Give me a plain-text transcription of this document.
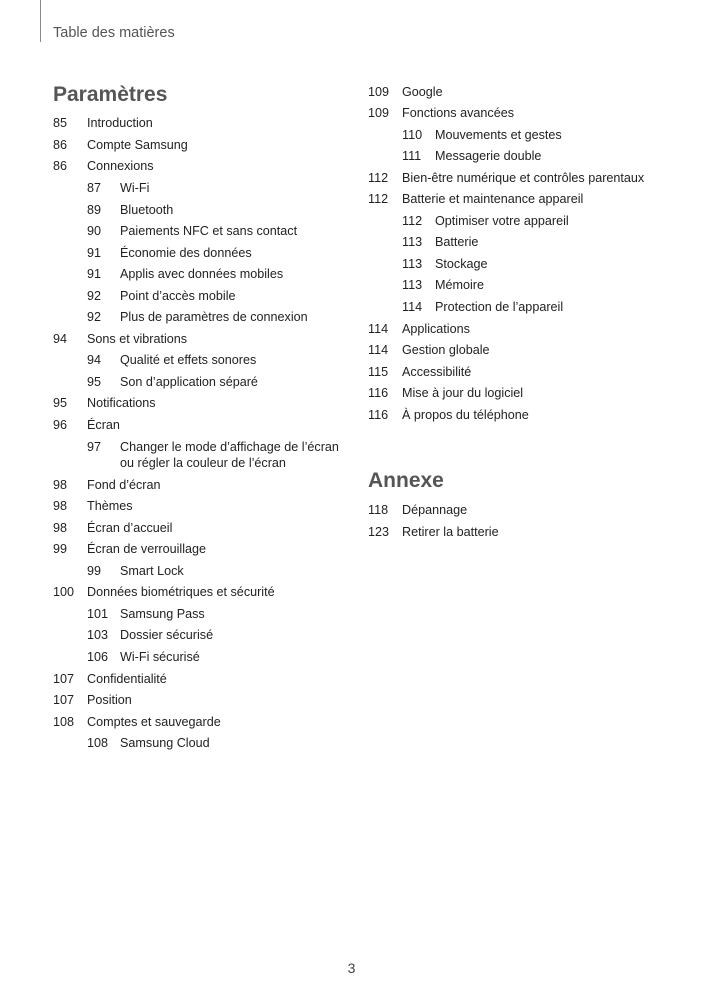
Table des matières
Paramètres
85 Introduction
86 Compte Samsung
86 Connexions
87 Wi-Fi
89 Bluetooth
90 Paiements NFC et sans contact
91 Économie des données
91 Applis avec données mobiles
92 Point d’accès mobile
92 Plus de paramètres de connexion
94 Sons et vibrations
94 Qualité et effets sonores
95 Son d’application séparé
95 Notifications
96 Écran
97 Changer le mode d’affichage de l’écran
ou régler la couleur de l’écran
98 Fond d’écran
98 Thèmes
98 Écran d’accueil
99 Écran de verrouillage
99 Smart Lock
100 Données biométriques et sécurité
101 Samsung Pass
103 Dossier sécurisé
106 Wi-Fi sécurisé
107 Confidentialité
107 Position
108 Comptes et sauvegarde
108 Samsung Cloud
109 Google
109 Fonctions avancées
110 Mouvements et gestes
111 Messagerie double
112 Bien-être numérique et contrôles parentaux
112 Batterie et maintenance appareil
112 Optimiser votre appareil
113 Batterie
113 Stockage
113 Mémoire
114 Protection de l’appareil
114 Applications
114 Gestion globale
115 Accessibilité
116 Mise à jour du logiciel
116 À propos du téléphone
Annexe
118 Dépannage
123 Retirer la batterie
3
